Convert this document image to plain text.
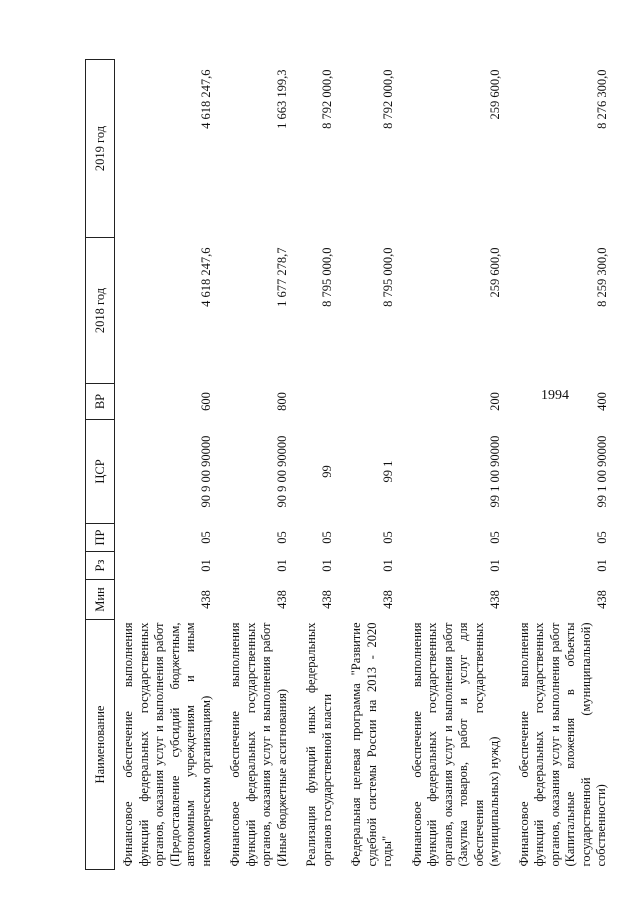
Наименование	Мин	Рз	ПР	ЦСР	ВР	2018 год	2019 год
Финансовое обеспечение выполнения функций федеральных государственных органов, оказания услуг и выполнения работ (Предоставление субсидий бюджетным, автономным учреждениям и иным некоммерческим организациям)	438	01	05	90 9 00 90000	600	4 618 247,6	4 618 247,6
Финансовое обеспечение выполнения функций федеральных государственных органов, оказания услуг и выполнения работ (Иные бюджетные ассигнования)	438	01	05	90 9 00 90000	800	1 677 278,7	1 663 199,3
Реализация функций иных федеральных органов государственной власти	438	01	05	99		8 795 000,0	8 792 000,0
Федеральная целевая программа "Развитие судебной системы России на 2013 - 2020 годы"	438	01	05	99 1		8 795 000,0	8 792 000,0
Финансовое обеспечение выполнения функций федеральных государственных органов, оказания услуг и выполнения работ (Закупка товаров, работ и услуг для обеспечения государственных (муниципальных) нужд)	438	01	05	99 1 00 90000	200	259 600,0	259 600,0
Финансовое обеспечение выполнения функций федеральных государственных органов, оказания услуг и выполнения работ (Капитальные вложения в объекты государственной (муниципальной) собственности)	438	01	05	99 1 00 90000	400	8 259 300,0	8 276 300,0
1994
